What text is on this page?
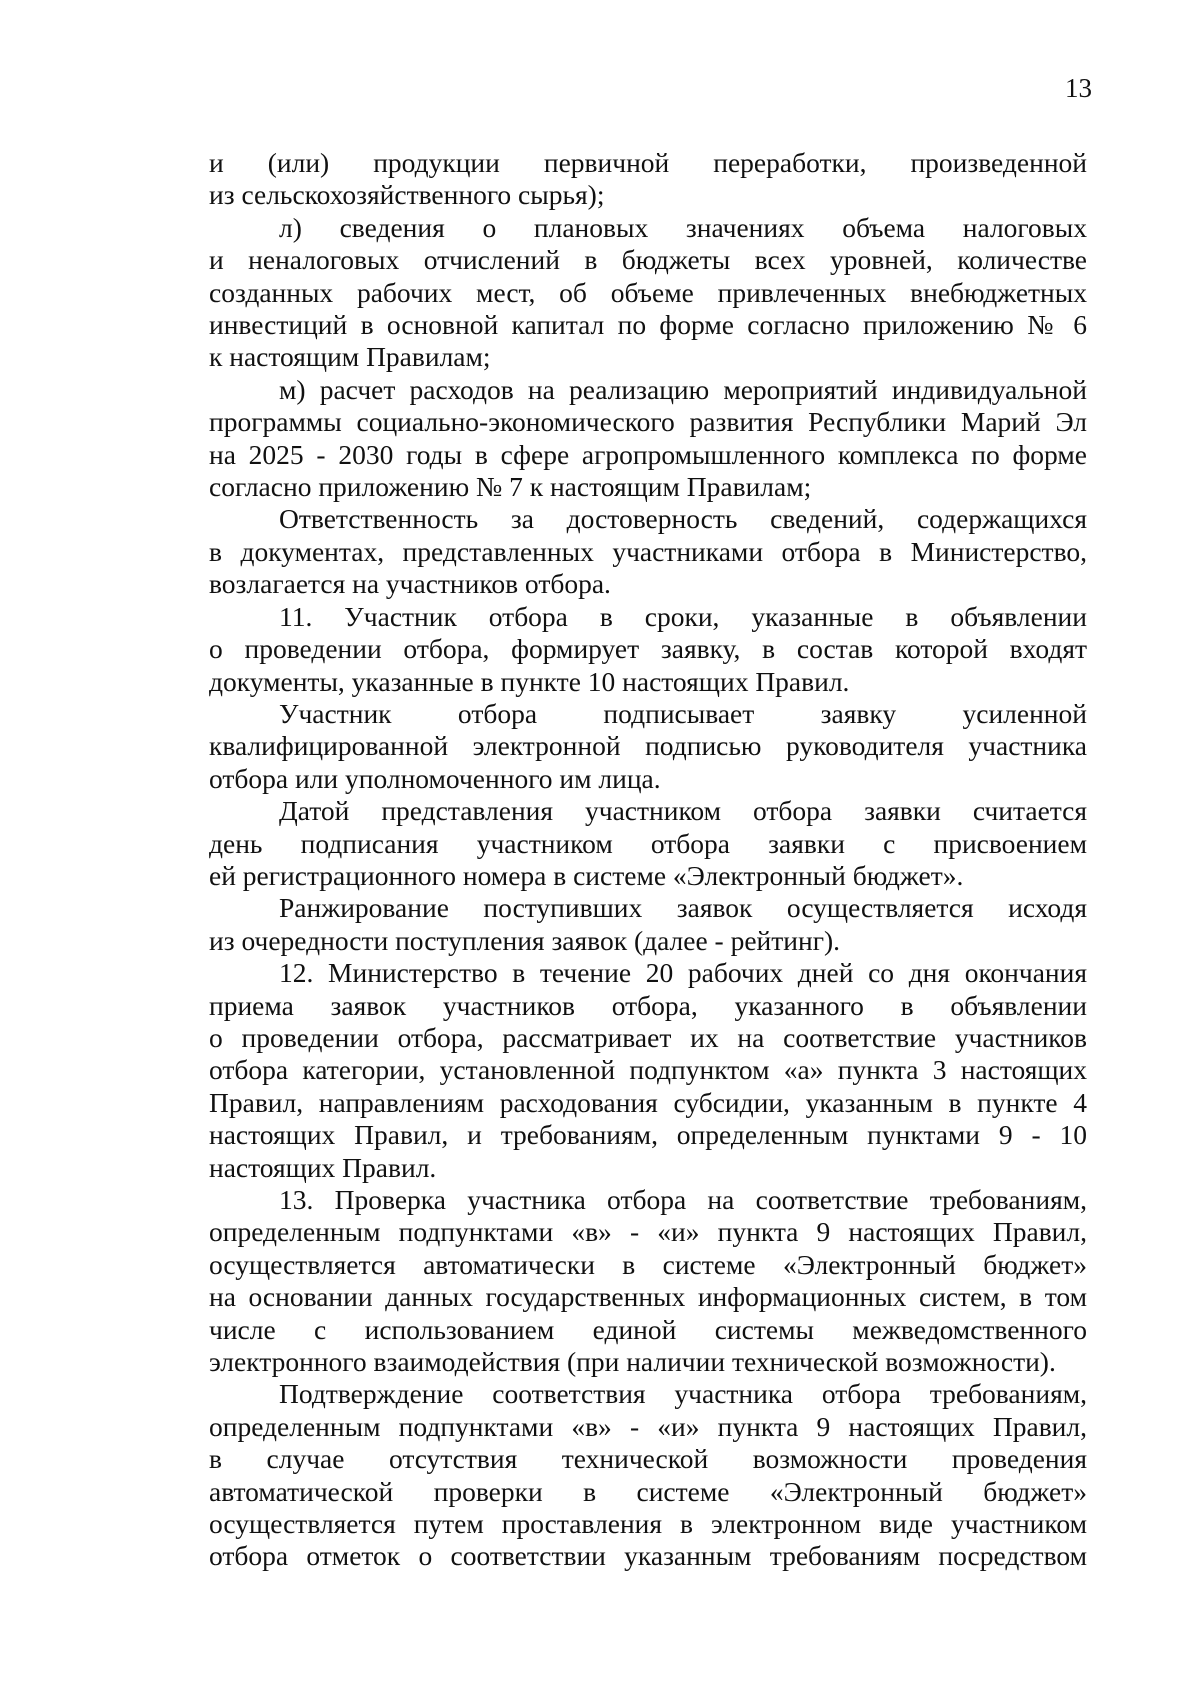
13
и (или) продукции первичной переработки, произведенной
из сельскохозяйственного сырья);
л) сведения о плановых значениях объема налоговых
и неналоговых отчислений в бюджеты всех уровней, количестве
созданных рабочих мест, об объеме привлеченных внебюджетных
инвестиций в основной капитал по форме согласно приложению № 6
к настоящим Правилам;
м) расчет расходов на реализацию мероприятий индивидуальной
программы социально-экономического развития Республики Марий Эл
на 2025 - 2030 годы в сфере агропромышленного комплекса по форме
согласно приложению № 7 к настоящим Правилам;
Ответственность за достоверность сведений, содержащихся
в документах, представленных участниками отбора в Министерство,
возлагается на участников отбора.
11. Участник отбора в сроки, указанные в объявлении
о проведении отбора, формирует заявку, в состав которой входят
документы, указанные в пункте 10 настоящих Правил.
Участник отбора подписывает заявку усиленной
квалифицированной электронной подписью руководителя участника
отбора или уполномоченного им лица.
Датой представления участником отбора заявки считается
день подписания участником отбора заявки с присвоением
ей регистрационного номера в системе «Электронный бюджет».
Ранжирование поступивших заявок осуществляется исходя
из очередности поступления заявок (далее - рейтинг).
12. Министерство в течение 20 рабочих дней со дня окончания
приема заявок участников отбора, указанного в объявлении
о проведении отбора, рассматривает их на соответствие участников
отбора категории, установленной подпунктом «а» пункта 3 настоящих
Правил, направлениям расходования субсидии, указанным в пункте 4
настоящих Правил, и требованиям, определенным пунктами 9 - 10
настоящих Правил.
13. Проверка участника отбора на соответствие требованиям,
определенным подпунктами «в» - «и» пункта 9 настоящих Правил,
осуществляется автоматически в системе «Электронный бюджет»
на основании данных государственных информационных систем, в том
числе с использованием единой системы межведомственного
электронного взаимодействия (при наличии технической возможности).
Подтверждение соответствия участника отбора требованиям,
определенным подпунктами «в» - «и» пункта 9 настоящих Правил,
в случае отсутствия технической возможности проведения
автоматической проверки в системе «Электронный бюджет»
осуществляется путем проставления в электронном виде участником
отбора отметок о соответствии указанным требованиям посредством
